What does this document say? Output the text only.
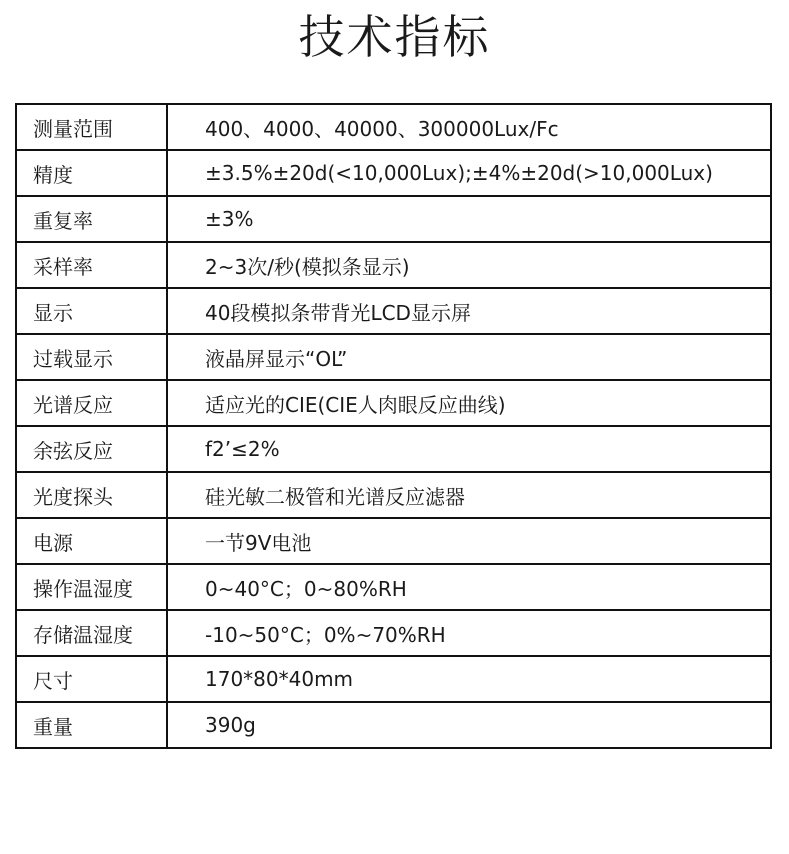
技术指标
测量范围	400、4000、40000、300000Lux/Fc
精度	±3.5%±20d(<10,000Lux);±4%±20d(>10,000Lux)
重复率	±3%
采样率	2~3次/秒(模拟条显示)
显示	40段模拟条带背光LCD显示屏
过载显示	液晶屏显示“OL”
光谱反应	适应光的CIE(CIE人肉眼反应曲线)
余弦反应	f2’≤2%
光度探头	硅光敏二极管和光谱反应滤器
电源	一节9V电池
操作温湿度	0~40°C；0~80%RH
存储温湿度	-10~50°C；0%~70%RH
尺寸	170*80*40mm
重量	390g
